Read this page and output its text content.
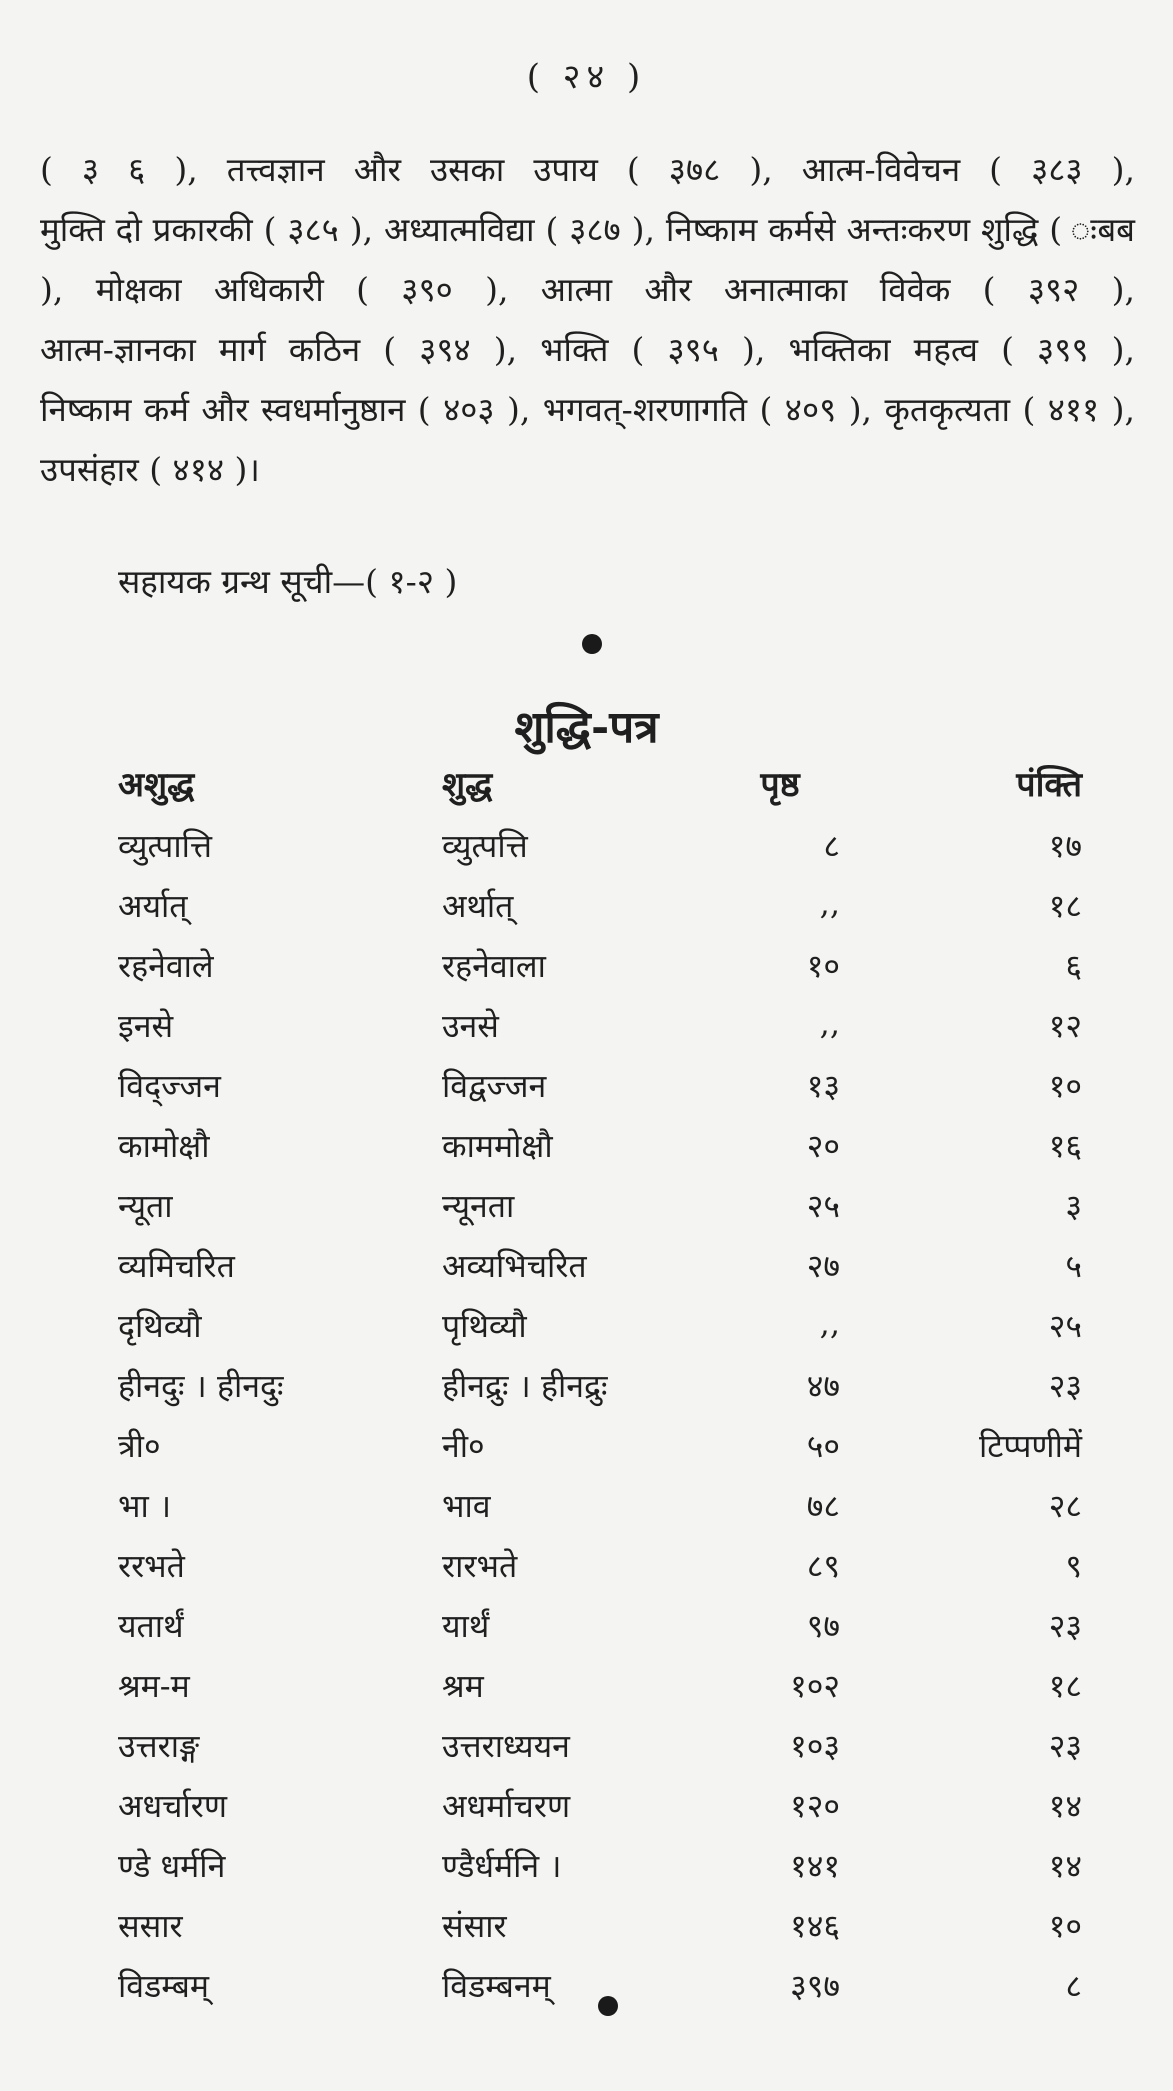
( २४ )
( ३ ६ ), तत्त्वज्ञान और उसका उपाय ( ३७८ ), आत्म-विवेचन ( ३८३ ), मुक्ति दो प्रकारकी ( ३८५ ), अध्यात्मविद्या ( ३८७ ), निष्काम कर्मसे अन्तःकरण शुद्धि ( ःबब ), मोक्षका अधिकारी ( ३९० ), आत्मा और अनात्माका विवेक ( ३९२ ), आत्म-ज्ञानका मार्ग कठिन ( ३९४ ), भक्ति ( ३९५ ), भक्तिका महत्व ( ३९९ ), निष्काम कर्म और स्वधर्मानुष्ठान ( ४०३ ), भगवत्-शरणागति ( ४०९ ), कृतकृत्यता ( ४११ ), उपसंहार ( ४१४ )।
सहायक ग्रन्थ सूची—( १-२ )
शुद्धि-पत्र
अशुद्ध	शुद्ध	पृष्ठ	पंक्ति
व्युत्पात्ति	व्युत्पत्ति	८	१७
अर्यात्	अर्थात्	,,	१८
रहनेवाले	रहनेवाला	१०	६
इनसे	उनसे	,,	१२
विद्ज्जन	विद्वज्जन	१३	१०
कामोक्षौ	काममोक्षौ	२०	१६
न्यूता	न्यूनता	२५	३
व्यमिचरित	अव्यभिचरित	२७	५
दृथिव्यौ	पृथिव्यौ	,,	२५
हीनदुः । हीनदुः	हीनद्रुः । हीनद्रुः	४७	२३
त्री०	नी०	५०	टिप्पणीमें
भा ।	भाव	७८	२८
ररभते	रारभते	८९	९
यतार्थं	यार्थं	९७	२३
श्रम-म	श्रम	१०२	१८
उत्तराङ्ग	उत्तराध्ययन	१०३	२३
अधर्चारण	अधर्माचरण	१२०	१४
ण्डे धर्मनि	ण्डैर्धर्मनि ।	१४१	१४
ससार	संसार	१४६	१०
विडम्बम्	विडम्बनम्	३९७	८
